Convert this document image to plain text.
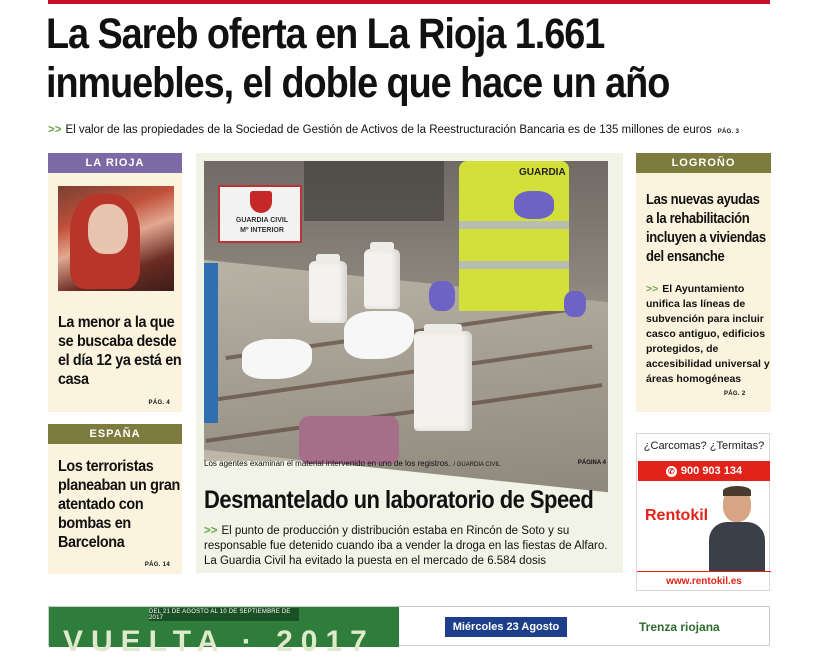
La Sareb oferta en La Rioja 1.661
inmuebles, el doble que hace un año
>> El valor de las propiedades de la Sociedad de Gestión de Activos de la Reestructuración Bancaria es de 135 millones de euros PÁG. 3
LA RIOJA
La menor a la que se buscaba desde el día 12 ya está en casa
PÁG. 4
ESPAÑA
Los terroristas planeaban un gran atentado con bombas en Barcelona
PÁG. 14
GUARDIA CIVIL
Mº INTERIOR
GUARDIA
Los agentes examinan el material intervenido en uno de los registros. / GUARDIA CIVIL	PÁGINA 4
Desmantelado un laboratorio de Speed
>> El punto de producción y distribución estaba en Rincón de Soto y su responsable fue detenido cuando iba a vender la droga en las fiestas de Alfaro. La Guardia Civil ha evitado la puesta en el mercado de 6.584 dosis
LOGROÑO
Las nuevas ayudas a la rehabilitación incluyen a viviendas del ensanche
>> El Ayuntamiento unifica las líneas de subvención para incluir casco antiguo, edificios protegidos, de accesibilidad universal y áreas homogéneas
PÁG. 2
¿Carcomas? ¿Termitas?
✆ 900 903 134
Rentokil
www.rentokil.es
DEL 21 DE AGOSTO AL 10 DE SEPTIEMBRE DE 2017
VUELTA · 2017	Miércoles 23 Agosto	Trenza riojana
